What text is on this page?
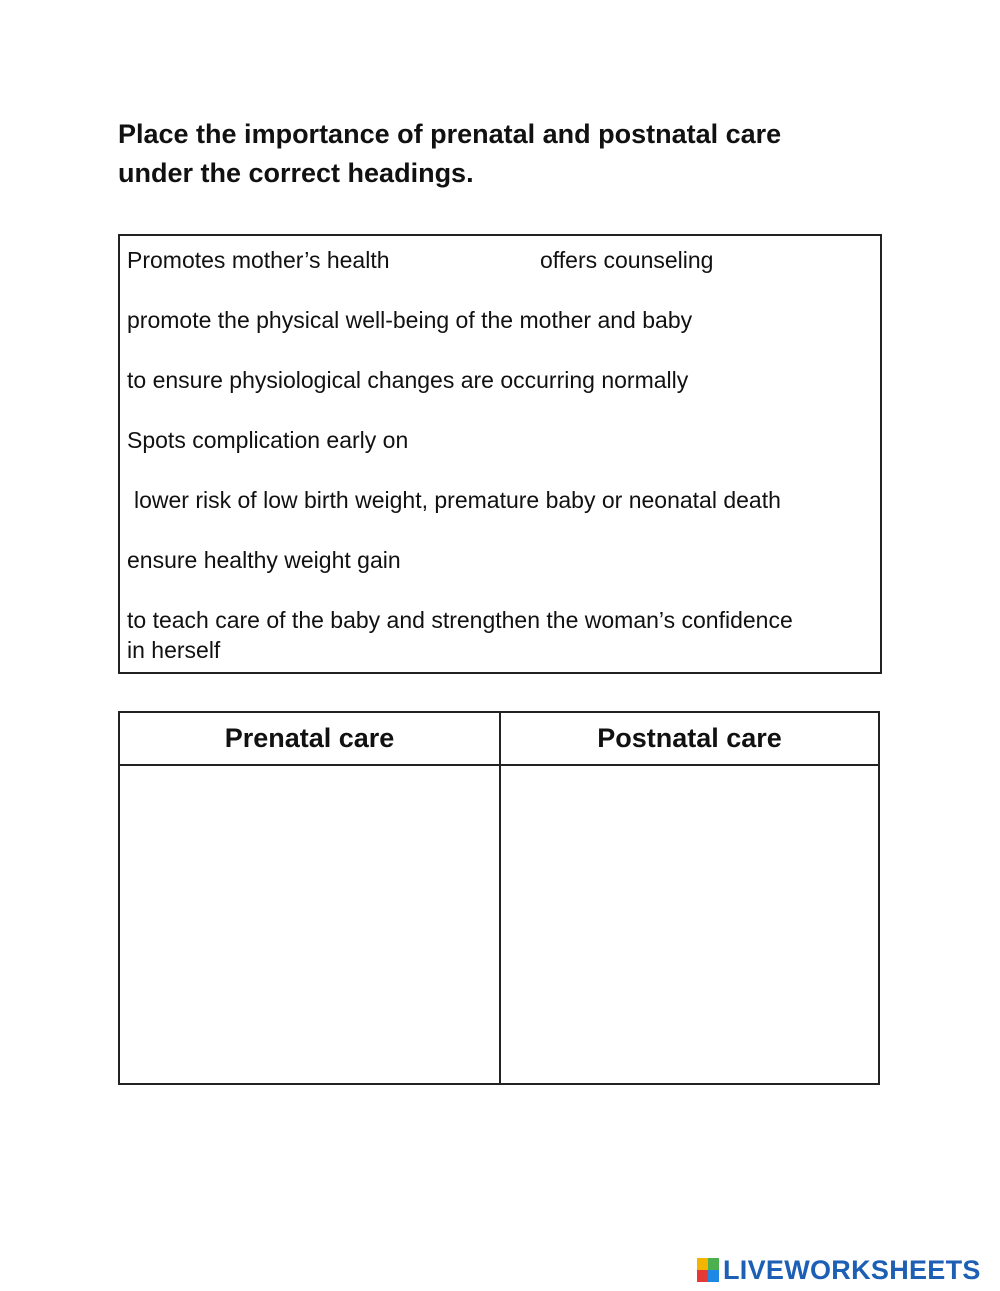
Place the importance of prenatal and postnatal care
under the correct headings.
Promotes mother’s health	offers counseling
promote the physical well-being of the mother and baby
to ensure physiological changes are occurring normally
Spots complication early on
lower risk of low birth weight, premature baby or neonatal death
ensure healthy weight gain
to teach care of the baby and strengthen the woman’s confidence in herself
Prenatal care	Postnatal care
LIVEWORKSHEETS
